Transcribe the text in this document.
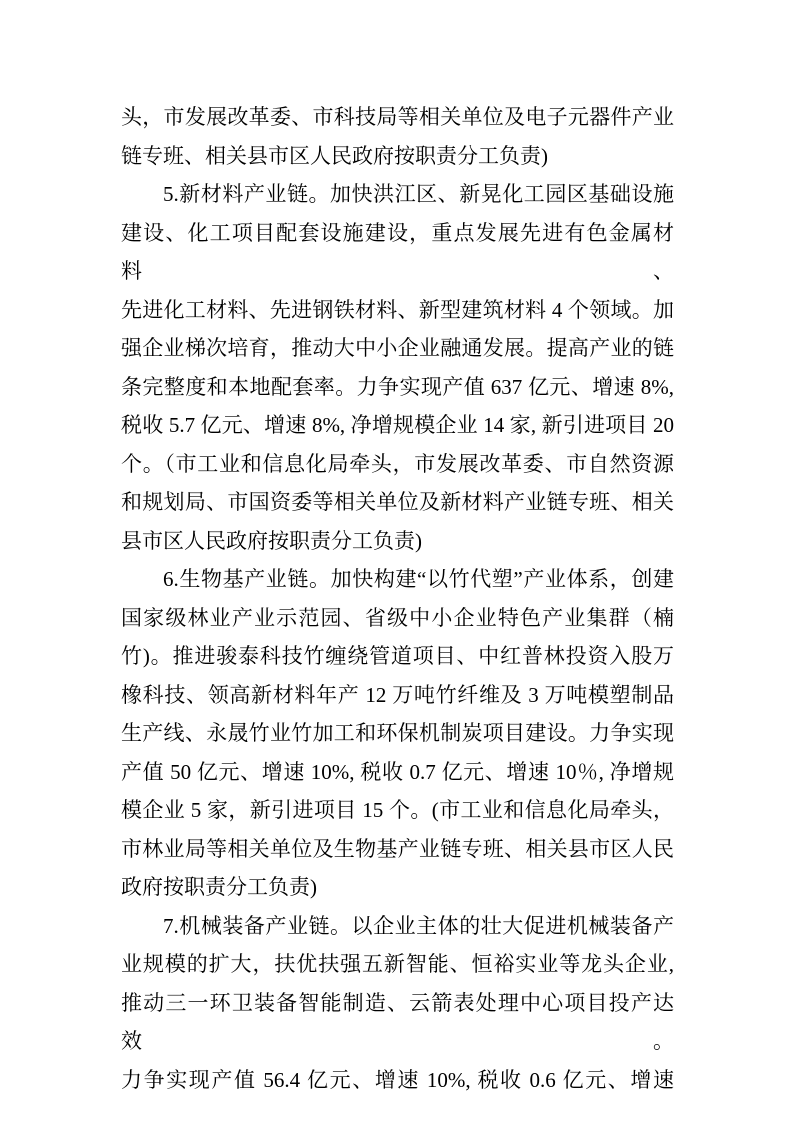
头，市发展改革委、市科技局等相关单位及电子元器件产业
链专班、相关县市区人民政府按职责分工负责)
5.新材料产业链。加快洪江区、新晃化工园区基础设施
建设、化工项目配套设施建设，重点发展先进有色金属材料、
先进化工材料、先进钢铁材料、新型建筑材料 4 个领域。加
强企业梯次培育，推动大中小企业融通发展。提高产业的链
条完整度和本地配套率。力争实现产值 637 亿元、增速 8%,
税收 5.7 亿元、增速 8%, 净增规模企业 14 家, 新引进项目 20
个。（市工业和信息化局牵头，市发展改革委、市自然资源
和规划局、市国资委等相关单位及新材料产业链专班、相关
县市区人民政府按职责分工负责)
6.生物基产业链。加快构建“以竹代塑”产业体系，创建
国家级林业产业示范园、省级中小企业特色产业集群（楠
竹)。推进骏泰科技竹缠绕管道项目、中红普林投资入股万
橡科技、领高新材料年产 12 万吨竹纤维及 3 万吨模塑制品
生产线、永晟竹业竹加工和环保机制炭项目建设。力争实现
产值 50 亿元、增速 10%, 税收 0.7 亿元、增速 10％, 净增规
模企业 5 家，新引进项目 15 个。(市工业和信息化局牵头，
市林业局等相关单位及生物基产业链专班、相关县市区人民
政府按职责分工负责)
7.机械装备产业链。以企业主体的壮大促进机械装备产
业规模的扩大，扶优扶强五新智能、恒裕实业等龙头企业,
推动三一环卫装备智能制造、云箭表处理中心项目投产达效。
力争实现产值 56.4 亿元、增速 10%, 税收 0.6 亿元、增速
